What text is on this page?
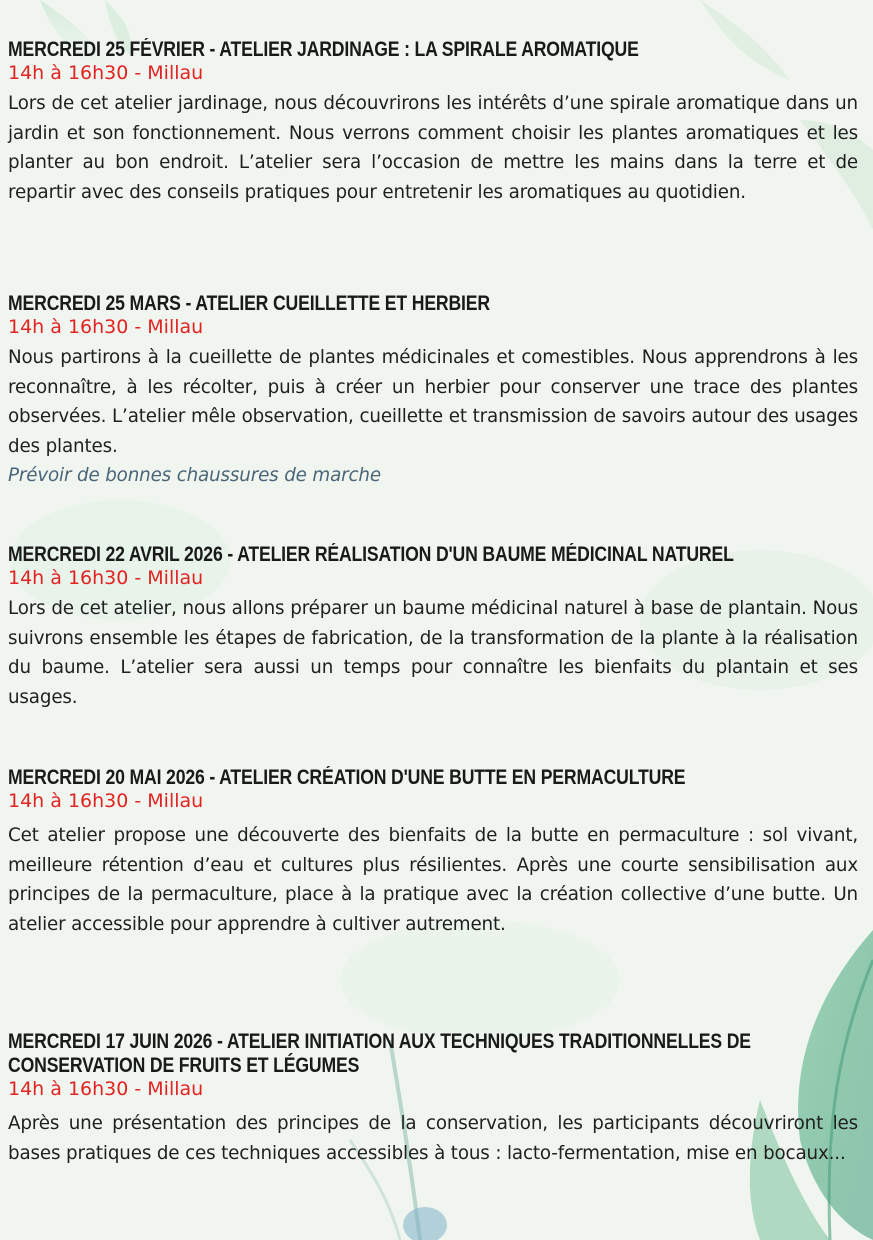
MERCREDI 25 FÉVRIER - ATELIER JARDINAGE : LA SPIRALE AROMATIQUE
14h à 16h30 - Millau
Lors de cet atelier jardinage, nous découvrirons les intérêts d’une spirale aromatique dans un jardin et son fonctionnement. Nous verrons comment choisir les plantes aromatiques et les planter au bon endroit. L’atelier sera l’occasion de mettre les mains dans la terre et de repartir avec des conseils pratiques pour entretenir les aromatiques au quotidien.
MERCREDI 25 MARS - ATELIER CUEILLETTE ET HERBIER
14h à 16h30 - Millau
Nous partirons à la cueillette de plantes médicinales et comestibles. Nous apprendrons à les reconnaître, à les récolter, puis à créer un herbier pour conserver une trace des plantes observées. L’atelier mêle observation, cueillette et transmission de savoirs autour des usages des plantes.
Prévoir de bonnes chaussures de marche
MERCREDI 22 AVRIL 2026 - ATELIER RÉALISATION D'UN BAUME MÉDICINAL NATUREL
14h à 16h30 - Millau
Lors de cet atelier, nous allons préparer un baume médicinal naturel à base de plantain. Nous suivrons ensemble les étapes de fabrication, de la transformation de la plante à la réalisation du baume. L’atelier sera aussi un temps pour connaître les bienfaits du plantain et ses usages.
MERCREDI 20 MAI 2026 - ATELIER CRÉATION D'UNE BUTTE EN PERMACULTURE
14h à 16h30 - Millau
Cet atelier propose une découverte des bienfaits de la butte en permaculture : sol vivant, meilleure rétention d’eau et cultures plus résilientes. Après une courte sensibilisation aux principes de la permaculture, place à la pratique avec la création collective d’une butte. Un atelier accessible pour apprendre à cultiver autrement.
MERCREDI 17 JUIN 2026 - ATELIER INITIATION AUX TECHNIQUES TRADITIONNELLES DE CONSERVATION DE FRUITS ET LÉGUMES
14h à 16h30 - Millau
Après une présentation des principes de la conservation, les participants découvriront les bases pratiques de ces techniques accessibles à tous : lacto-fermentation, mise en bocaux...
